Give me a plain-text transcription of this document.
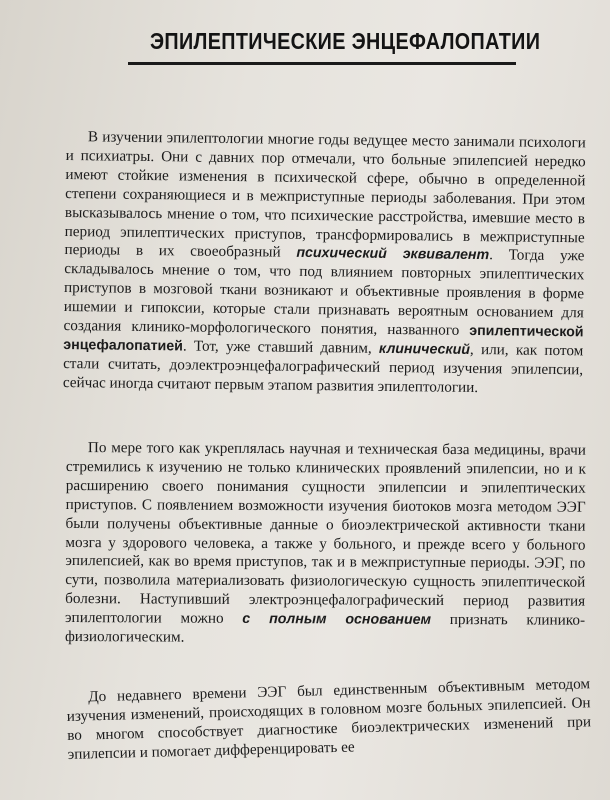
ЭПИЛЕПТИЧЕСКИЕ ЭНЦЕФАЛОПАТИИ

В изучении эпилептологии многие годы ведущее место занимали психологи и психиатры. Они с давних пор отмечали, что больные эпилепсией нередко имеют стойкие изменения в психической сфере, обычно в определенной степени сохраняющиеся и в межприступные периоды заболевания. При этом высказывалось мнение о том, что психические расстройства, имевшие место в период эпилептических приступов, трансформировались в межприступные периоды в их своеобразный психический эквивалент. Тогда уже складывалось мнение о том, что под влиянием повторных эпилептических приступов в мозговой ткани возникают и объективные проявления в форме ишемии и гипоксии, которые стали признавать вероятным основанием для создания клинико-морфологического понятия, названного эпилептической энцефалопатией. Тот, уже ставший давним, клинический, или, как потом стали считать, доэлектроэнцефалографический период изучения эпилепсии, сейчас иногда считают первым этапом развития эпилептологии.

По мере того как укреплялась научная и техническая база медицины, врачи стремились к изучению не только клинических проявлений эпилепсии, но и к расширению своего понимания сущности эпилепсии и эпилептических приступов. С появлением возможности изучения биотоков мозга методом ЭЭГ были получены объективные данные о биоэлектрической активности ткани мозга у здорового человека, а также у больного, и прежде всего у больного эпилепсией, как во время приступов, так и в межприступные периоды. ЭЭГ, по сути, позволила материализовать физиологическую сущность эпилептической болезни. Наступивший электроэнцефалографический период развития эпилептологии можно с полным основанием признать клинико-физиологическим.

До недавнего времени ЭЭГ был единственным объективным методом изучения изменений, происходящих в головном мозге больных эпилепсией. Он во многом способствует диагностике биоэлектрических изменений при эпилепсии и помогает дифференцировать ее
